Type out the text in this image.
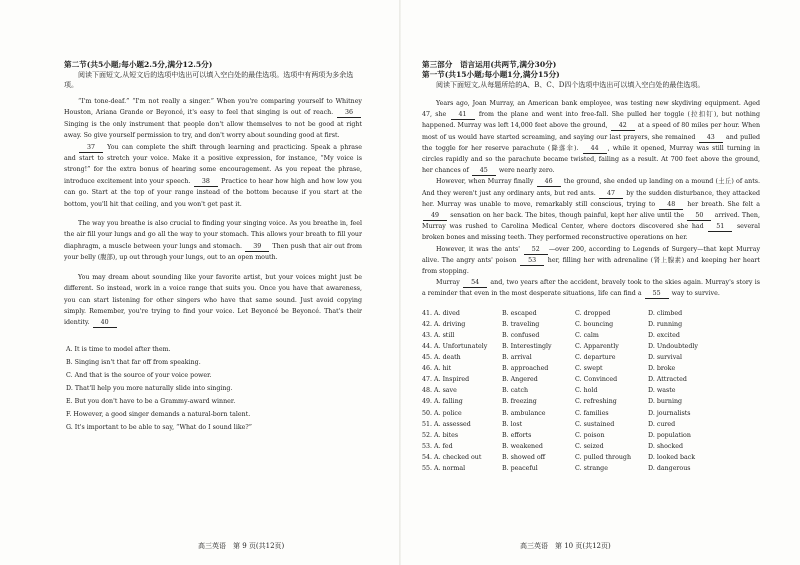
第二节(共5小题;每小题2.5分,满分12.5分)

阅读下面短文,从短文后的选项中选出可以填入空白处的最佳选项。选项中有两项为多余选项。

“I'm tone-deaf.” “I'm not really a singer.” When you're comparing yourself to Whitney Houston, Ariana Grande or Beyoncé, it's easy to feel that singing is out of reach. 36 Singing is the only instrument that people don't allow themselves to not be good at right away. So give yourself permission to try, and don't worry about sounding good at first.

37 You can complete the shift through learning and practicing. Speak a phrase and start to stretch your voice. Make it a positive expression, for instance, “My voice is strong!” for the extra bonus of hearing some encouragement. As you repeat the phrase, introduce excitement into your speech. 38 Practice to hear how high and how low you can go. Start at the top of your range instead of the bottom because if you start at the bottom, you'll hit that ceiling, and you won't get past it.

The way you breathe is also crucial to finding your singing voice. As you breathe in, feel the air fill your lungs and go all the way to your stomach. This allows your breath to fill your diaphragm, a muscle between your lungs and stomach. 39 Then push that air out from your belly (腹部), up out through your lungs, out to an open mouth.

You may dream about sounding like your favorite artist, but your voices might just be different. So instead, work in a voice range that suits you. Once you have that awareness, you can start listening for other singers who have that same sound. Just avoid copying simply. Remember, you're trying to find your voice. Let Beyoncé be Beyoncé. That's their identity. 40

A. It is time to model after them.
B. Singing isn't that far off from speaking.
C. And that is the source of your voice power.
D. That'll help you more naturally slide into singing.
E. But you don't have to be a Grammy-award winner.
F. However, a good singer demands a natural-born talent.
G. It's important to be able to say, “What do I sound like?”
高三英语　第 9 页(共12页)
第三部分　语言运用(共两节,满分30分)
第一节(共15小题;每小题1分,满分15分)

阅读下面短文,从每题所给的A、B、C、D四个选项中选出可以填入空白处的最佳选项。

Years ago, Joan Murray, an American bank employee, was testing new skydiving equipment. Aged 47, she 41 from the plane and went into free-fall. She pulled her toggle (拉扣钉), but nothing happened. Murray was left 14,000 feet above the ground, 42 at a speed of 80 miles per hour. When most of us would have started screaming, and saying our last prayers, she remained 43 and pulled the toggle for her reserve parachute (降落伞). 44 , while it opened, Murray was still turning in circles rapidly and so the parachute became twisted, failing as a result. At 700 feet above the ground, her chances of 45 were nearly zero.

However, when Murray finally 46 the ground, she ended up landing on a mound (土丘) of ants. And they weren't just any ordinary ants, but red ants. 47 by the sudden disturbance, they attacked her. Murray was unable to move, remarkably still conscious, trying to 48 her breath. She felt a 49 sensation on her back. The bites, though painful, kept her alive until the 50 arrived. Then, Murray was rushed to Carolina Medical Center, where doctors discovered she had 51 several broken bones and missing teeth. They performed reconstructive operations on her.

However, it was the ants' 52 —over 200, according to Legends of Surgery—that kept Murray alive. The angry ants' poison 53 her, filling her with adrenaline (肾上腺素) and keeping her heart from stopping.

Murray 54 and, two years after the accident, bravely took to the skies again. Murray's story is a reminder that even in the most desperate situations, life can find a 55 way to survive.

41. A. dived	B. escaped	C. dropped	D. climbed
42. A. driving	B. traveling	C. bouncing	D. running
43. A. still	B. confused	C. calm	D. excited
44. A. Unfortunately	B. Interestingly	C. Apparently	D. Undoubtedly
45. A. death	B. arrival	C. departure	D. survival
46. A. hit	B. approached	C. swept	D. broke
47. A. Inspired	B. Angered	C. Convinced	D. Attracted
48. A. save	B. catch	C. hold	D. waste
49. A. falling	B. freezing	C. refreshing	D. burning
50. A. police	B. ambulance	C. families	D. journalists
51. A. assessed	B. lost	C. sustained	D. cured
52. A. bites	B. efforts	C. poison	D. population
53. A. fed	B. weakened	C. seized	D. shocked
54. A. checked out	B. showed off	C. pulled through	D. looked back
55. A. normal	B. peaceful	C. strange	D. dangerous
高三英语　第 10 页(共12页)
